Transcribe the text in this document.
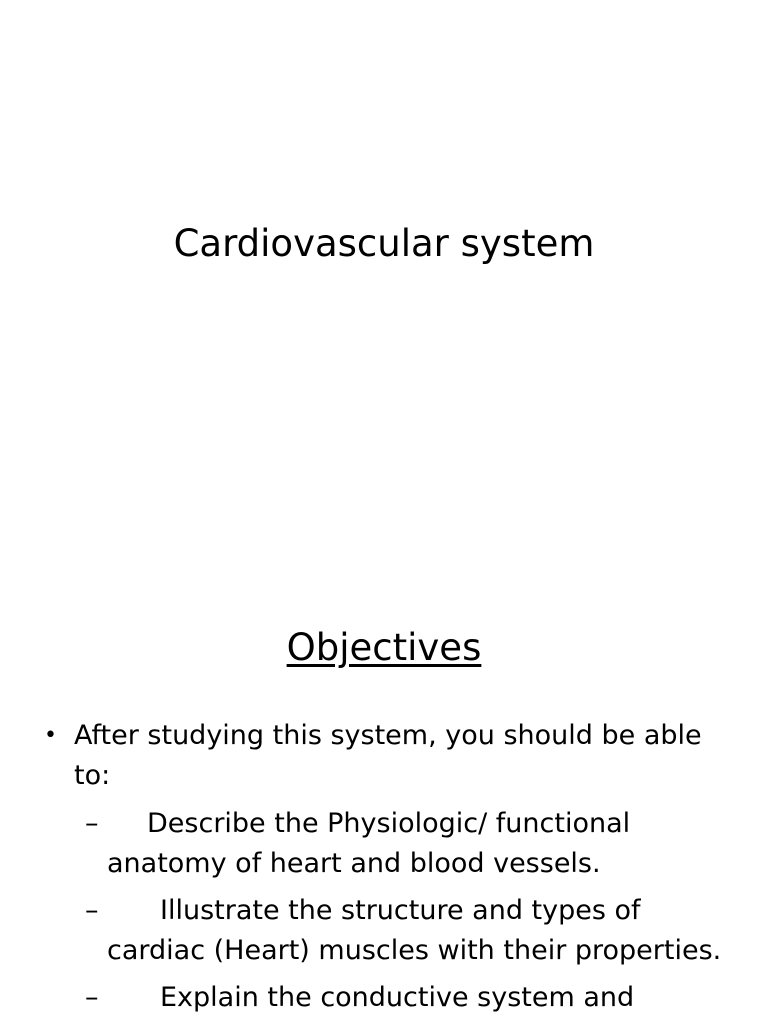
Cardiovascular system
Objectives
• After studying this system, you should be able to:
–	Describe the Physiologic/ functional
anatomy of heart and blood vessels.
–	Illustrate the structure and types of
cardiac (Heart) muscles with their properties.
–	Explain the conductive system and
